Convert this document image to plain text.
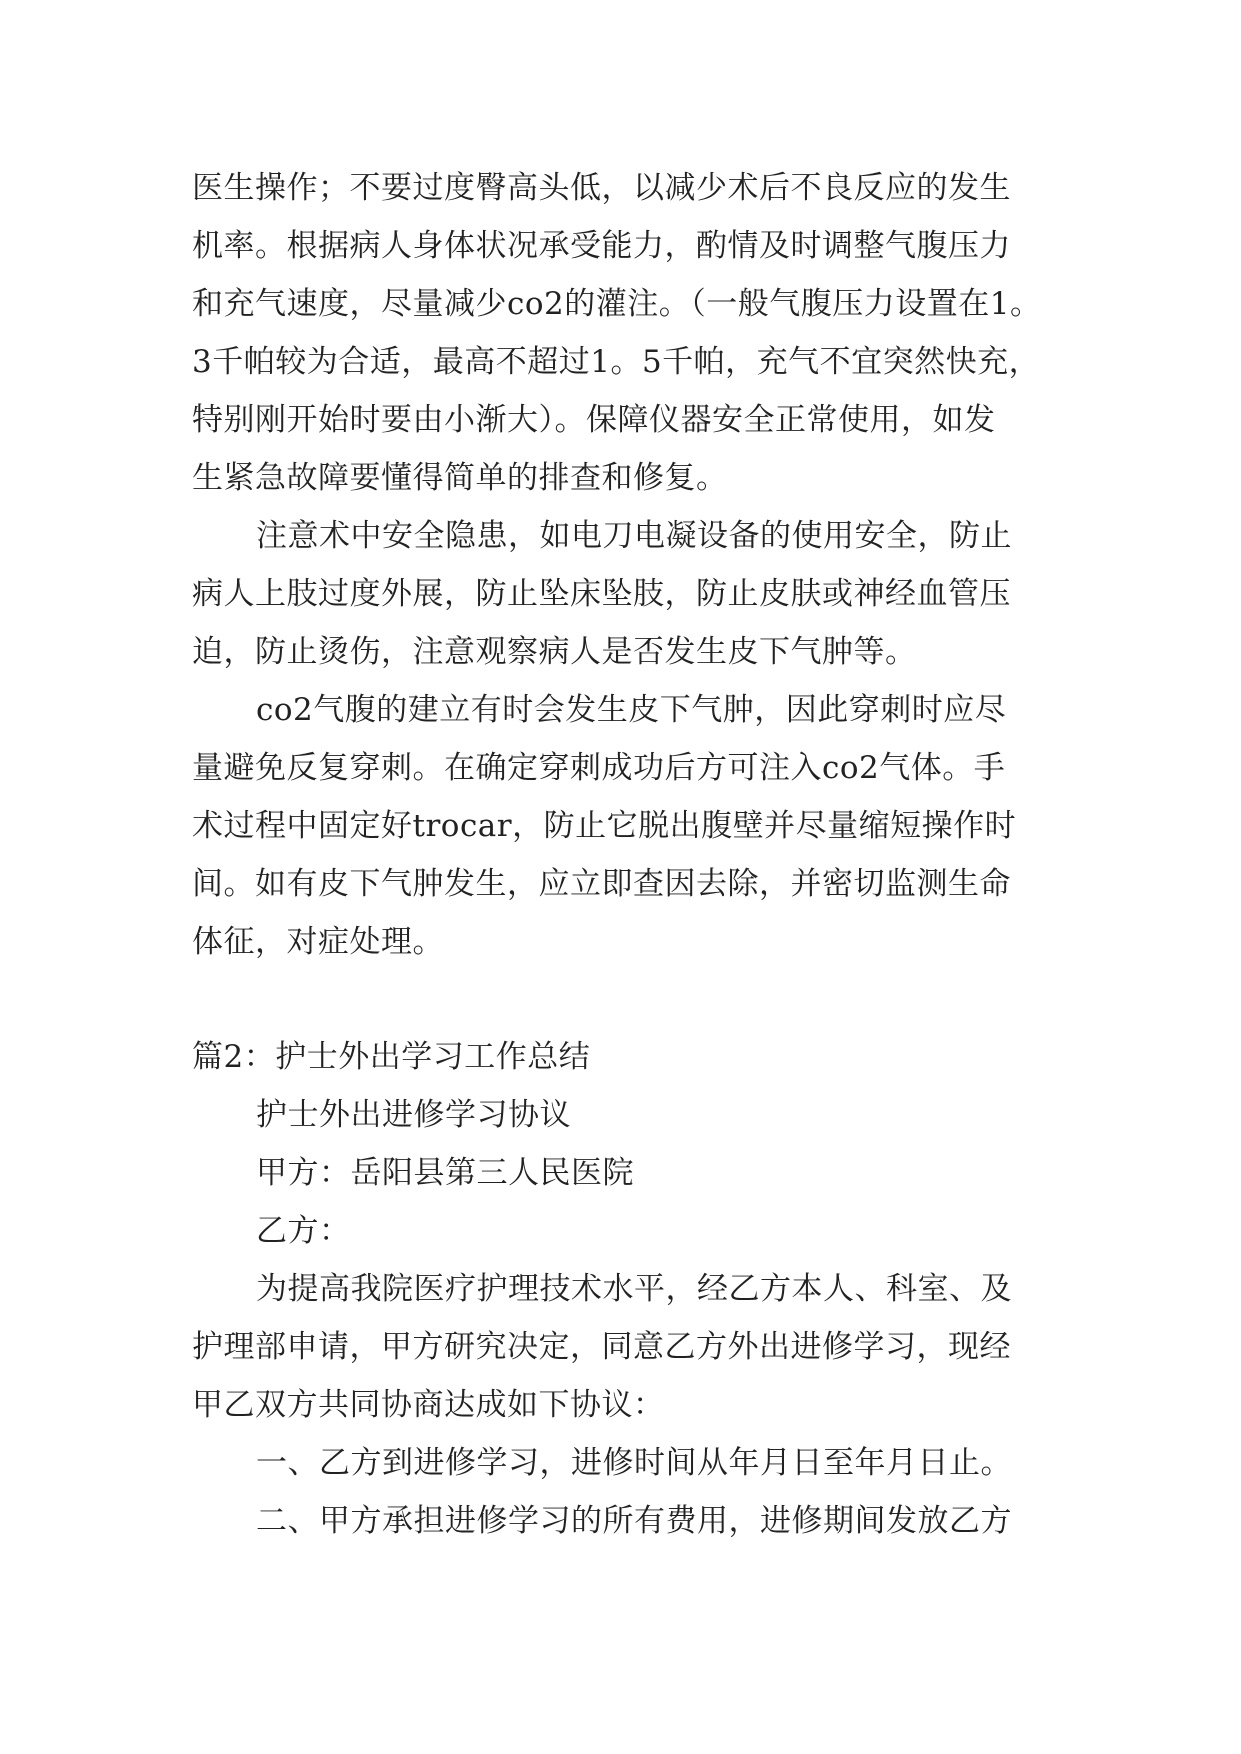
医生操作；不要过度臀高头低，以减少术后不良反应的发生
机率。根据病人身体状况承受能力，酌情及时调整气腹压力
和充气速度，尽量减少co2的灌注。（一般气腹压力设置在1。
3千帕较为合适，最高不超过1。5千帕，充气不宜突然快充，
特别刚开始时要由小渐大）。保障仪器安全正常使用，如发
生紧急故障要懂得简单的排查和修复。
注意术中安全隐患，如电刀电凝设备的使用安全，防止
病人上肢过度外展，防止坠床坠肢，防止皮肤或神经血管压
迫，防止烫伤，注意观察病人是否发生皮下气肿等。
co2气腹的建立有时会发生皮下气肿，因此穿刺时应尽
量避免反复穿刺。在确定穿刺成功后方可注入co2气体。手
术过程中固定好trocar，防止它脱出腹壁并尽量缩短操作时
间。如有皮下气肿发生，应立即查因去除，并密切监测生命
体征，对症处理。
篇2：护士外出学习工作总结
护士外出进修学习协议
甲方：岳阳县第三人民医院
乙方：
为提高我院医疗护理技术水平，经乙方本人、科室、及
护理部申请，甲方研究决定，同意乙方外出进修学习，现经
甲乙双方共同协商达成如下协议：
一、乙方到进修学习，进修时间从年月日至年月日止。
二、甲方承担进修学习的所有费用，进修期间发放乙方
